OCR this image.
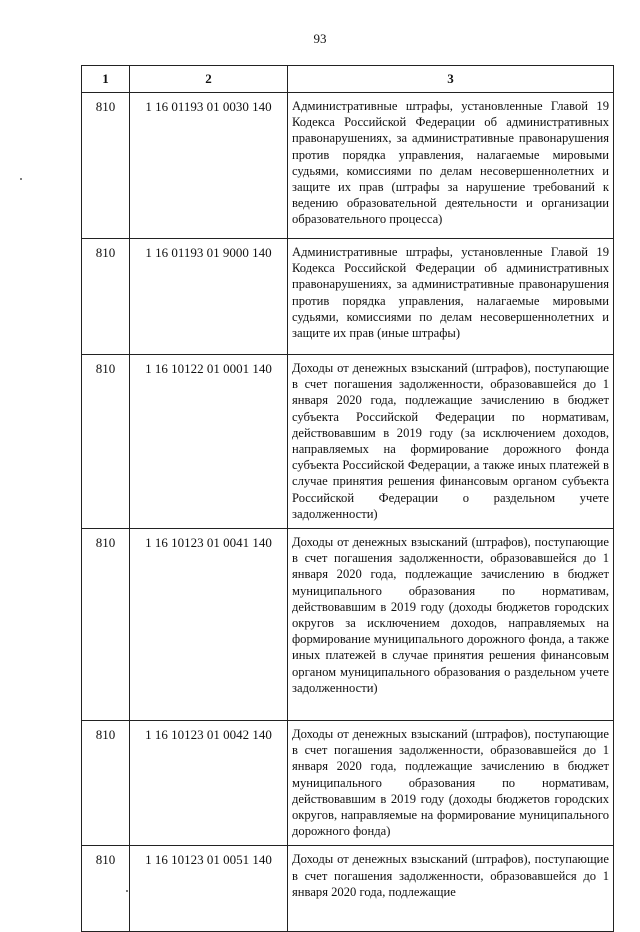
93
1	2	3
810	1 16 01193 01 0030 140	Административные штрафы, установленные Главой 19 Кодекса Российской Федерации об административных правонарушениях, за административные правонарушения против порядка управления, налагаемые мировыми судьями, комиссиями по делам несовершеннолетних и защите их прав (штрафы за нарушение требований к ведению образовательной деятельности и организации образовательного процесса)
810	1 16 01193 01 9000 140	Административные штрафы, установленные Главой 19 Кодекса Российской Федерации об административных правонарушениях, за административные правонарушения против порядка управления, налагаемые мировыми судьями, комиссиями по делам несовершеннолетних и защите их прав (иные штрафы)
810	1 16 10122 01 0001 140	Доходы от денежных взысканий (штрафов), поступающие в счет погашения задолженности, образовавшейся до 1 января 2020 года, подлежащие зачислению в бюджет субъекта Российской Федерации по нормативам, действовавшим в 2019 году (за исключением доходов, направляемых на формирование дорожного фонда субъекта Российской Федерации, а также иных платежей в случае принятия решения финансовым органом субъекта Российской Федерации о раздельном учете задолженности)
810	1 16 10123 01 0041 140	Доходы от денежных взысканий (штрафов), поступающие в счет погашения задолженности, образовавшейся до 1 января 2020 года, подлежащие зачислению в бюджет муниципального образования по нормативам, действовавшим в 2019 году (доходы бюджетов городских округов за исключением доходов, направляемых на формирование муниципального дорожного фонда, а также иных платежей в случае принятия решения финансовым органом муниципального образования о раздельном учете задолженности)
810	1 16 10123 01 0042 140	Доходы от денежных взысканий (штрафов), поступающие в счет погашения задолженности, образовавшейся до 1 января 2020 года, подлежащие зачислению в бюджет муниципального образования по нормативам, действовавшим в 2019 году (доходы бюджетов городских округов, направляемые на формирование муниципального дорожного фонда)
810	1 16 10123 01 0051 140	Доходы от денежных взысканий (штрафов), поступающие в счет погашения задолженности, образовавшейся до 1 января 2020 года, подлежащие
